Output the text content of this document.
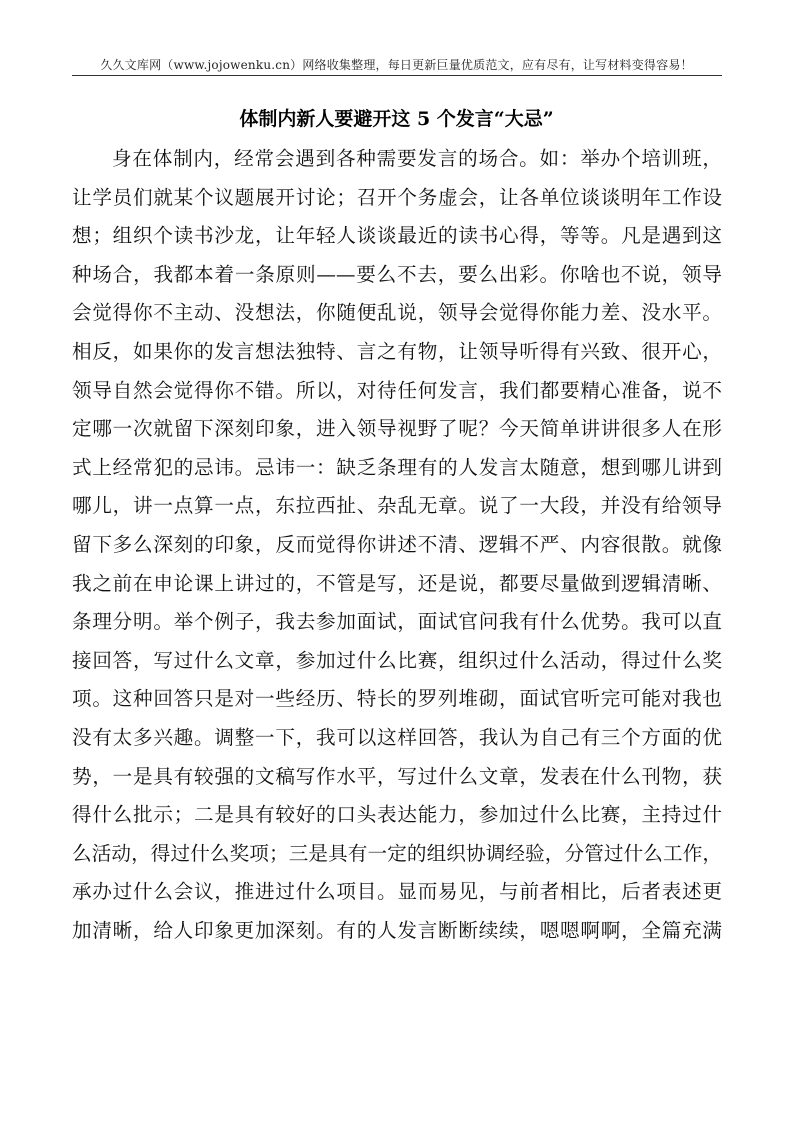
久久文库网（www.jojowenku.cn）网络收集整理，每日更新巨量优质范文，应有尽有，让写材料变得容易！
体制内新人要避开这 5 个发言“大忌”
身在体制内，经常会遇到各种需要发言的场合。如：举办个培训班，
让学员们就某个议题展开讨论；召开个务虚会，让各单位谈谈明年工作设
想；组织个读书沙龙，让年轻人谈谈最近的读书心得，等等。凡是遇到这
种场合，我都本着一条原则——要么不去，要么出彩。你啥也不说，领导
会觉得你不主动、没想法，你随便乱说，领导会觉得你能力差、没水平。
相反，如果你的发言想法独特、言之有物，让领导听得有兴致、很开心，
领导自然会觉得你不错。所以，对待任何发言，我们都要精心准备，说不
定哪一次就留下深刻印象，进入领导视野了呢？今天简单讲讲很多人在形
式上经常犯的忌讳。忌讳一：缺乏条理有的人发言太随意，想到哪儿讲到
哪儿，讲一点算一点，东拉西扯、杂乱无章。说了一大段，并没有给领导
留下多么深刻的印象，反而觉得你讲述不清、逻辑不严、内容很散。就像
我之前在申论课上讲过的，不管是写，还是说，都要尽量做到逻辑清晰、
条理分明。举个例子，我去参加面试，面试官问我有什么优势。我可以直
接回答，写过什么文章，参加过什么比赛，组织过什么活动，得过什么奖
项。这种回答只是对一些经历、特长的罗列堆砌，面试官听完可能对我也
没有太多兴趣。调整一下，我可以这样回答，我认为自己有三个方面的优
势，一是具有较强的文稿写作水平，写过什么文章，发表在什么刊物，获
得什么批示；二是具有较好的口头表达能力，参加过什么比赛，主持过什
么活动，得过什么奖项；三是具有一定的组织协调经验，分管过什么工作，
承办过什么会议，推进过什么项目。显而易见，与前者相比，后者表述更
加清晰，给人印象更加深刻。有的人发言断断续续，嗯嗯啊啊，全篇充满
